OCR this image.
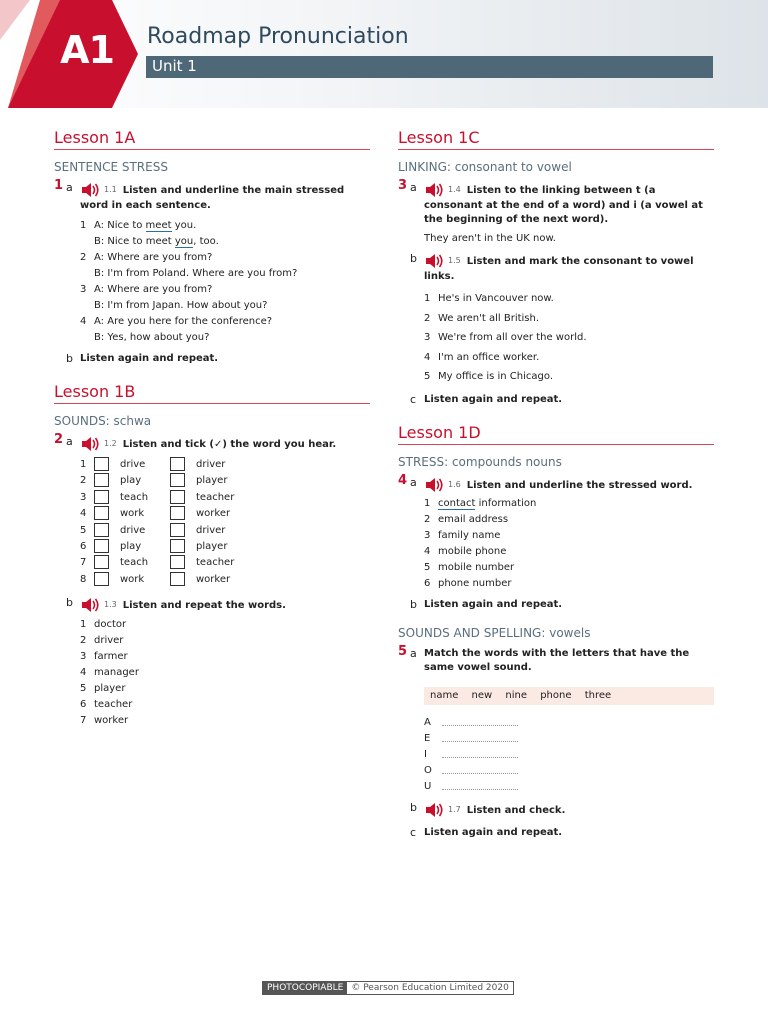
A1	Roadmap Pronunciation
Unit 1
Lesson 1A
SENTENCE STRESS
1 a	1.1 Listen and underline the main stressed word in each sentence.
1 A: Nice to meet you.
B: Nice to meet you, too.
2 A: Where are you from?
B: I'm from Poland. Where are you from?
3 A: Where are you from?
B: I'm from Japan. How about you?
4 A: Are you here for the conference?
B: Yes, how about you?
b Listen again and repeat.
Lesson 1B
SOUNDS: schwa
2 a	1.2 Listen and tick (✓) the word you hear.
1	drive	driver
2	play	player
3	teach	teacher
4	work	worker
5	drive	driver
6	play	player
7	teach	teacher
8	work	worker
b	1.3 Listen and repeat the words.
1 doctor
2 driver
3 farmer
4 manager
5 player
6 teacher
7 worker
Lesson 1C
LINKING: consonant to vowel
3 a	1.4 Listen to the linking between t (a consonant at the end of a word) and i (a vowel at the beginning of the next word).
They aren't in the UK now.
b	1.5 Listen and mark the consonant to vowel links.
1 He's in Vancouver now.
2 We aren't all British.
3 We're from all over the world.
4 I'm an office worker.
5 My office is in Chicago.
c Listen again and repeat.
Lesson 1D
STRESS: compounds nouns
4 a	1.6 Listen and underline the stressed word.
1 contact information
2 email address
3 family name
4 mobile phone
5 mobile number
6 phone number
b Listen again and repeat.
SOUNDS AND SPELLING: vowels
5 a Match the words with the letters that have the same vowel sound.
name new nine phone three
A
E
I
O
U
b	1.7 Listen and check.
c Listen again and repeat.
PHOTOCOPIABLE © Pearson Education Limited 2020
